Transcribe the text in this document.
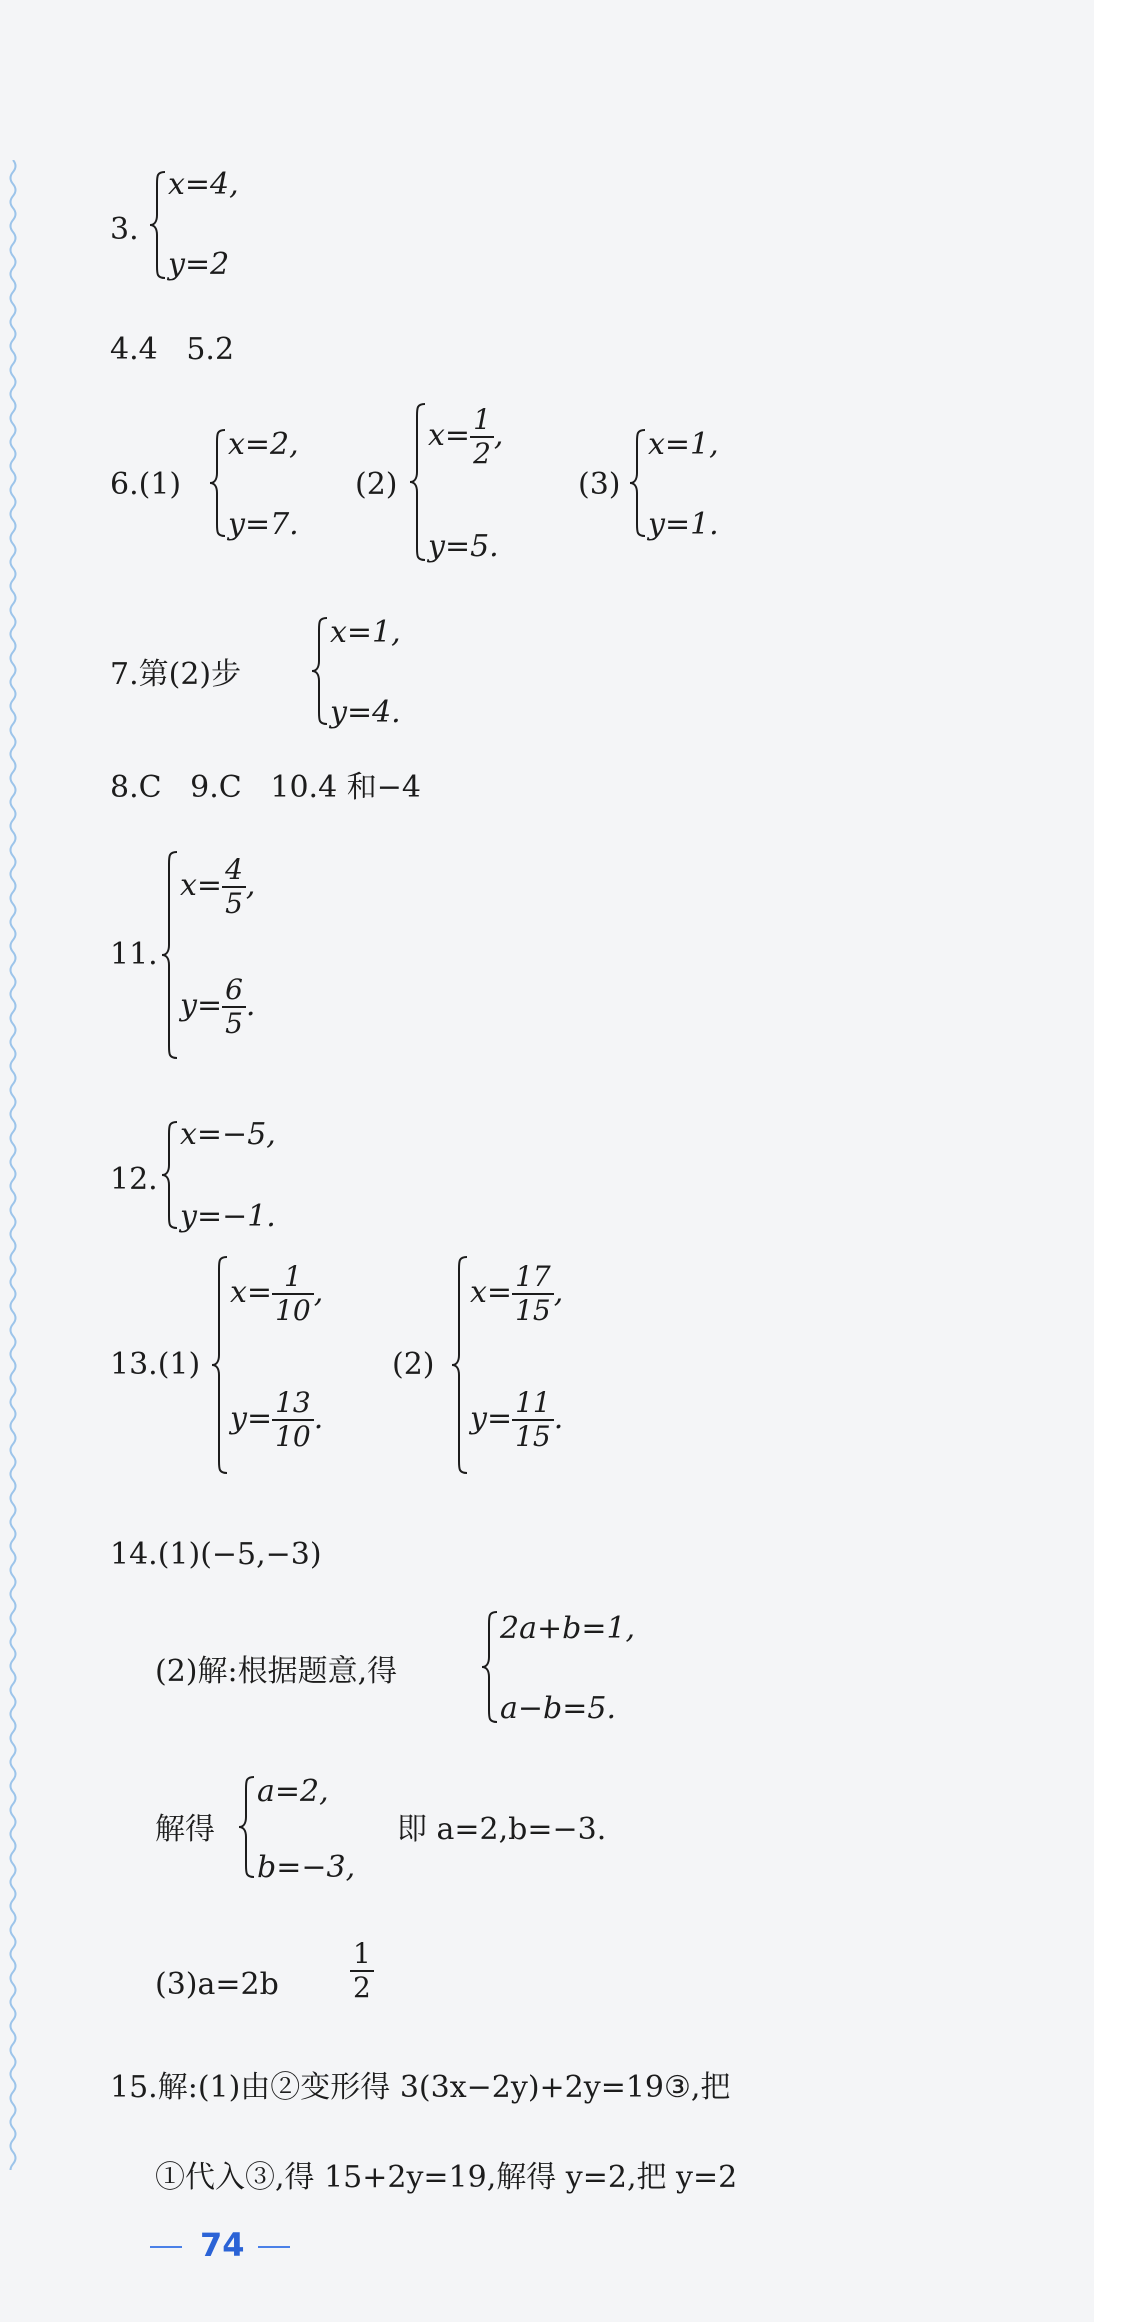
3.
x=4,
y=2
4.4   5.2
6.(1)
x=2,
y=7.
(2)
$x= \frac{1}{2}$ ,
y=5.
(3)
x=1,
y=1.
7.第(2)步
x=1,
y=4.
8.C   9.C   10.4 和−4
11.
$x= \frac{4}{5}$ ,
$y= \frac{6}{5}$ .
12.
x=−5,
y=−1.
13.(1)
$x= \frac{1}{10}$ ,
$y= \frac{13}{10}$ .
(2)
$x= \frac{17}{15}$ ,
$y= \frac{11}{15}$ .
14.(1)(−5,−3)
(2)解:根据题意,得
2a+b=1,
a−b=5.
解得
a=2,
b=−3,
即 a=2,b=−3.
(3)a=2b	$\frac{1}{2}$
15.解:(1)由②变形得 3(3x−2y)+2y=19③,把
①代入③,得 15+2y=19,解得 y=2,把 y=2
74
